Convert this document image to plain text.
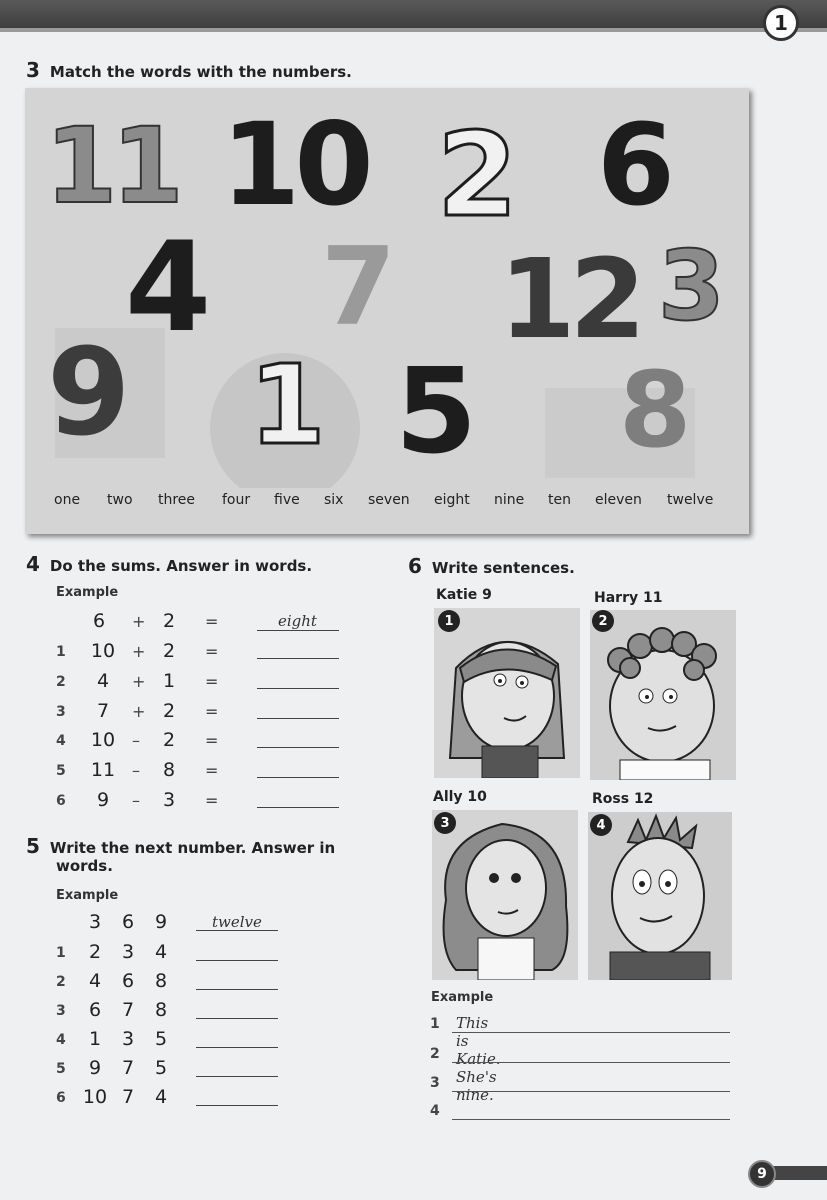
1
3 Match the words with the numbers.
11 10 2 6
4 7 12 3
9 1 5 8
one two three four five six seven eight nine ten eleven twelve
4 Do the sums. Answer in words.
Example
6	+ 2	=	eight
1 10	+ 2	=
2	4	+ 1	=
3	7	+ 2	=
4 10	–	2	=
5 11	–	8	=
6	9	–	3	=
5 Write the next number. Answer in
words.
Example
3 6 9	twelve
1 2 3 4
2 4 6 8
3 6 7 8
4 1 3 5
5 9 7 5
6 10 7 4
6 Write sentences.
Katie 9	Harry 11
Ally 10	Ross 12
1	2
3	4
Example
1 This is Katie. She's nine.
2
3
4
9
